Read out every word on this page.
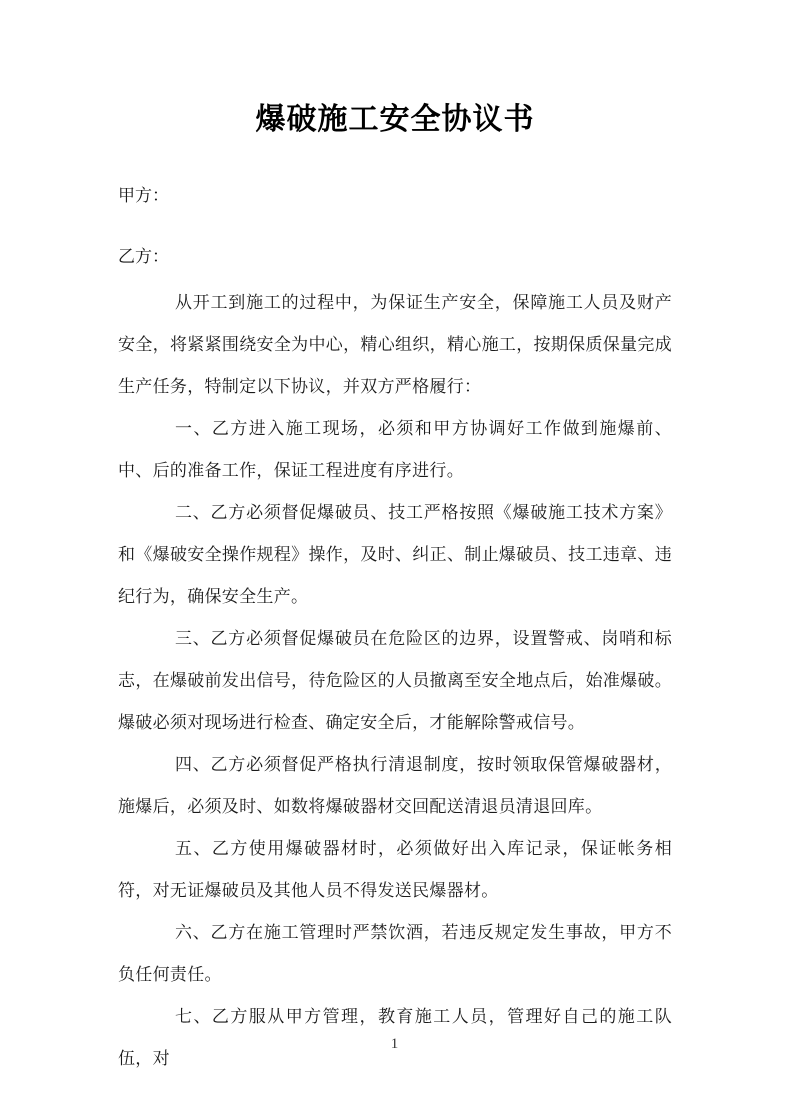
爆破施工安全协议书

甲方：

乙方：

从开工到施工的过程中，为保证生产安全，保障施工人员及财产安全，将紧紧围绕安全为中心，精心组织，精心施工，按期保质保量完成生产任务，特制定以下协议，并双方严格履行：

一、乙方进入施工现场，必须和甲方协调好工作做到施爆前、中、后的准备工作，保证工程进度有序进行。

二、乙方必须督促爆破员、技工严格按照《爆破施工技术方案》和《爆破安全操作规程》操作，及时、纠正、制止爆破员、技工违章、违纪行为，确保安全生产。

三、乙方必须督促爆破员在危险区的边界，设置警戒、岗哨和标志，在爆破前发出信号，待危险区的人员撤离至安全地点后，始准爆破。爆破必须对现场进行检查、确定安全后，才能解除警戒信号。

四、乙方必须督促严格执行清退制度，按时领取保管爆破器材，施爆后，必须及时、如数将爆破器材交回配送清退员清退回库。

五、乙方使用爆破器材时，必须做好出入库记录，保证帐务相符，对无证爆破员及其他人员不得发送民爆器材。

六、乙方在施工管理时严禁饮酒，若违反规定发生事故，甲方不负任何责任。

七、乙方服从甲方管理，教育施工人员，管理好自己的施工队伍，对

1
